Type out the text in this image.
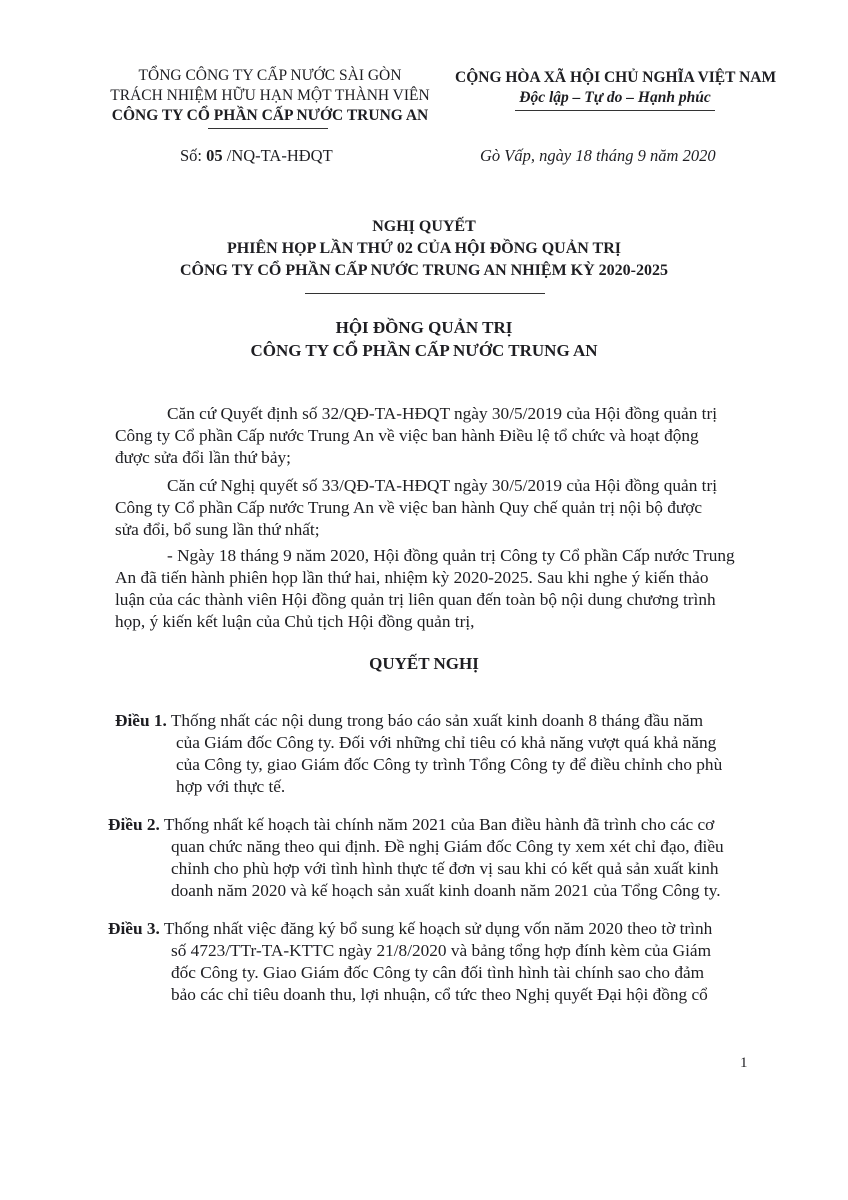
TỔNG CÔNG TY CẤP NƯỚC SÀI GÒN
TRÁCH NHIỆM HỮU HẠN MỘT THÀNH VIÊN
CÔNG TY CỔ PHẦN CẤP NƯỚC TRUNG AN
CỘNG HÒA XÃ HỘI CHỦ NGHĨA VIỆT NAM
Độc lập – Tự do – Hạnh phúc
Số: 05 /NQ-TA-HĐQT	Gò Vấp, ngày 18 tháng 9 năm 2020
NGHỊ QUYẾT
PHIÊN HỌP LẦN THỨ 02 CỦA HỘI ĐỒNG QUẢN TRỊ
CÔNG TY CỔ PHẦN CẤP NƯỚC TRUNG AN NHIỆM KỲ 2020-2025
HỘI ĐỒNG QUẢN TRỊ
CÔNG TY CỔ PHẦN CẤP NƯỚC TRUNG AN
Căn cứ Quyết định số 32/QĐ-TA-HĐQT ngày 30/5/2019 của Hội đồng quản trị
Công ty Cổ phần Cấp nước Trung An về việc ban hành Điều lệ tổ chức và hoạt động
được sửa đổi lần thứ bảy;
Căn cứ Nghị quyết số 33/QĐ-TA-HĐQT ngày 30/5/2019 của Hội đồng quản trị
Công ty Cổ phần Cấp nước Trung An về việc ban hành Quy chế quản trị nội bộ được
sửa đổi, bổ sung lần thứ nhất;
- Ngày 18 tháng 9 năm 2020, Hội đồng quản trị Công ty Cổ phần Cấp nước Trung
An đã tiến hành phiên họp lần thứ hai, nhiệm kỳ 2020-2025. Sau khi nghe ý kiến thảo
luận của các thành viên Hội đồng quản trị liên quan đến toàn bộ nội dung chương trình
họp, ý kiến kết luận của Chủ tịch Hội đồng quản trị,
QUYẾT NGHỊ
Điều 1. Thống nhất các nội dung trong báo cáo sản xuất kinh doanh 8 tháng đầu năm
của Giám đốc Công ty. Đối với những chỉ tiêu có khả năng vượt quá khả năng
của Công ty, giao Giám đốc Công ty trình Tổng Công ty để điều chỉnh cho phù
hợp với thực tế.
Điều 2. Thống nhất kế hoạch tài chính năm 2021 của Ban điều hành đã trình cho các cơ
quan chức năng theo qui định. Đề nghị Giám đốc Công ty xem xét chỉ đạo, điều
chỉnh cho phù hợp với tình hình thực tế đơn vị sau khi có kết quả sản xuất kinh
doanh năm 2020 và kế hoạch sản xuất kinh doanh năm 2021 của Tổng Công ty.
Điều 3. Thống nhất việc đăng ký bổ sung kế hoạch sử dụng vốn năm 2020 theo tờ trình
số 4723/TTr-TA-KTTC ngày 21/8/2020 và bảng tổng hợp đính kèm của Giám
đốc Công ty. Giao Giám đốc Công ty cân đối tình hình tài chính sao cho đảm
bảo các chỉ tiêu doanh thu, lợi nhuận, cổ tức theo Nghị quyết Đại hội đồng cổ
1
